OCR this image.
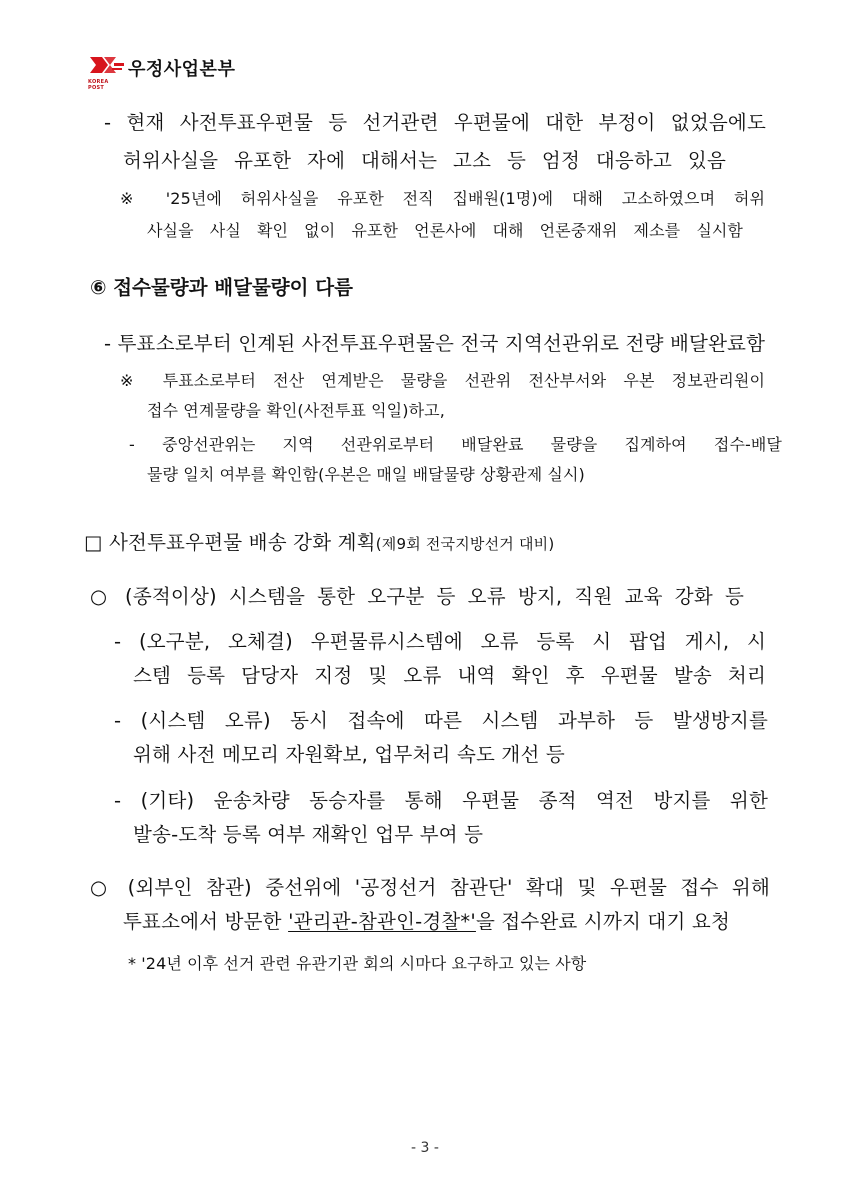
KOREA POST
우정사업본부
- 현재 사전투표우편물 등 선거관련 우편물에 대한 부정이 없었음에도
허위사실을 유포한 자에 대해서는 고소 등 엄정 대응하고 있음
※ '25년에 허위사실을 유포한 전직 집배원(1명)에 대해 고소하였으며 허위
사실을 사실 확인 없이 유포한 언론사에 대해 언론중재위 제소를 실시함
⑥ 접수물량과 배달물량이 다름
- 투표소로부터 인계된 사전투표우편물은 전국 지역선관위로 전량 배달완료함
※ 투표소로부터 전산 연계받은 물량을 선관위 전산부서와 우본 정보관리원이
접수 연계물량을 확인(사전투표 익일)하고,
- 중앙선관위는 지역 선관위로부터 배달완료 물량을 집계하여 접수-배달
물량 일치 여부를 확인함(우본은 매일 배달물량 상황관제 실시)
□ 사전투표우편물 배송 강화 계획(제9회 전국지방선거 대비)
○ (종적이상) 시스템을 통한 오구분 등 오류 방지, 직원 교육 강화 등
- (오구분, 오체결) 우편물류시스템에 오류 등록 시 팝업 게시, 시
스템 등록 담당자 지정 및 오류 내역 확인 후 우편물 발송 처리
- (시스템 오류) 동시 접속에 따른 시스템 과부하 등 발생방지를
위해 사전 메모리 자원확보, 업무처리 속도 개선 등
- (기타) 운송차량 동승자를 통해 우편물 종적 역전 방지를 위한
발송-도착 등록 여부 재확인 업무 부여 등
○ (외부인 참관) 중선위에 '공정선거 참관단' 확대 및 우편물 접수 위해
투표소에서 방문한 '관리관-참관인-경찰*'을 접수완료 시까지 대기 요청
* '24년 이후 선거 관련 유관기관 회의 시마다 요구하고 있는 사항
- 3 -
